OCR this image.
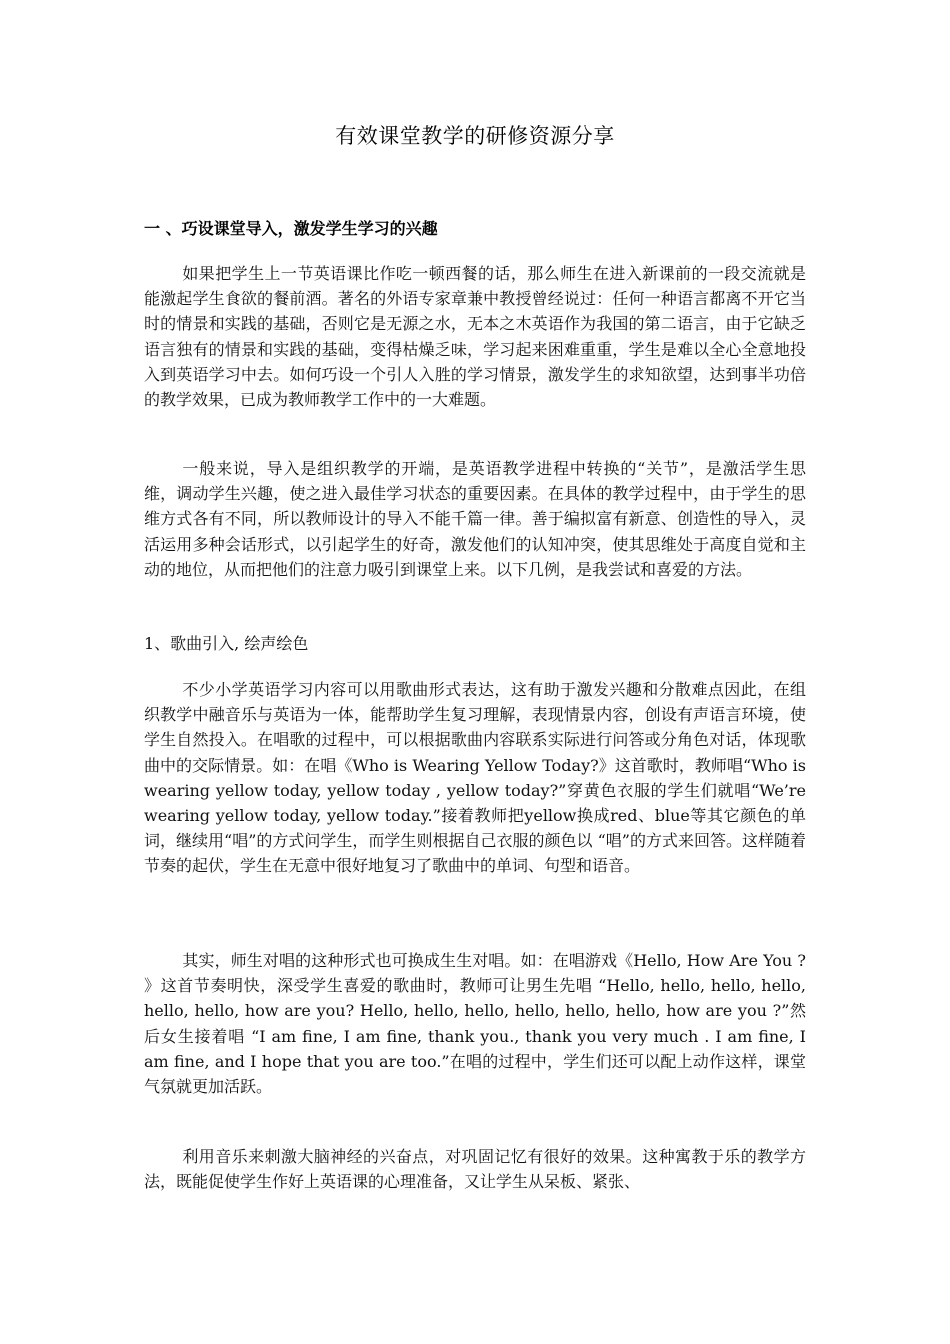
有效课堂教学的研修资源分享
一 、巧设课堂导入，激发学生学习的兴趣

如果把学生上一节英语课比作吃一顿西餐的话，那么师生在进入新课前的一段交流就是能激起学生食欲的餐前酒。著名的外语专家章兼中教授曾经说过：任何一种语言都离不开它当时的情景和实践的基础，否则它是无源之水，无本之木英语作为我国的第二语言，由于它缺乏语言独有的情景和实践的基础，变得枯燥乏味，学习起来困难重重，学生是难以全心全意地投入到英语学习中去。如何巧设一个引人入胜的学习情景，激发学生的求知欲望，达到事半功倍的教学效果，已成为教师教学工作中的一大难题。

一般来说，导入是组织教学的开端，是英语教学进程中转换的“关节”，是激活学生思维，调动学生兴趣，使之进入最佳学习状态的重要因素。在具体的教学过程中，由于学生的思维方式各有不同，所以教师设计的导入不能千篇一律。善于编拟富有新意、创造性的导入，灵活运用多种会话形式，以引起学生的好奇，激发他们的认知冲突，使其思维处于高度自觉和主动的地位，从而把他们的注意力吸引到课堂上来。以下几例，是我尝试和喜爱的方法。

1、歌曲引入, 绘声绘色

不少小学英语学习内容可以用歌曲形式表达，这有助于激发兴趣和分散难点因此，在组织教学中融音乐与英语为一体，能帮助学生复习理解，表现情景内容，创设有声语言环境，使学生自然投入。在唱歌的过程中，可以根据歌曲内容联系实际进行问答或分角色对话，体现歌曲中的交际情景。如：在唱《Who is Wearing Yellow Today?》这首歌时，教师唱“Who is wearing yellow today, yellow today , yellow today?”穿黄色衣服的学生们就唱“We’re wearing yellow today, yellow today.”接着教师把yellow换成red、blue等其它颜色的单词，继续用“唱”的方式问学生，而学生则根据自己衣服的颜色以 “唱”的方式来回答。这样随着节奏的起伏，学生在无意中很好地复习了歌曲中的单词、句型和语音。

其实，师生对唱的这种形式也可换成生生对唱。如：在唱游戏《Hello, How Are You ? 》这首节奏明快，深受学生喜爱的歌曲时，教师可让男生先唱 “Hello, hello, hello, hello, hello, hello, how are you? Hello, hello, hello, hello, hello, hello, how are you ?”然后女生接着唱 “I am fine, I am fine, thank you., thank you very much . I am fine, I am fine, and I hope that you are too.”在唱的过程中，学生们还可以配上动作这样，课堂气氛就更加活跃。

利用音乐来刺激大脑神经的兴奋点，对巩固记忆有很好的效果。这种寓教于乐的教学方法，既能促使学生作好上英语课的心理准备，又让学生从呆板、紧张、
